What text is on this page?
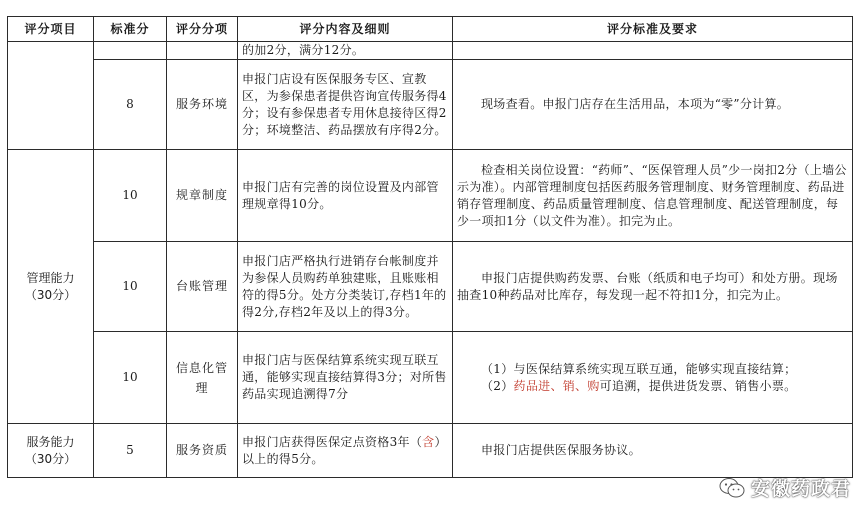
评分项目	标准分	评分分项	评分内容及细则	评分标准及要求
			的加2分，满分12分。	
	8	服务环境	申报门店设有医保服务专区、宣教区，为参保患者提供咨询宣传服务得4分；设有参保患者专用休息接待区得2分；环境整洁、药品摆放有序得2分。	现场查看。申报门店存在生活用品，本项为“零”分计算。

管理能力
（30分）	10	规章制度	申报门店有完善的岗位设置及内部管理规章得10分。	检查相关岗位设置：“药师”、“医保管理人员”少一岗扣2分（上墙公示为准）。内部管理制度包括医药服务管理制度、财务管理制度、药品进销存管理制度、药品质量管理制度、信息管理制度、配送管理制度，每少一项扣1分（以文件为准）。扣完为止。
	10	台账管理	申报门店严格执行进销存台帐制度并为参保人员购药单独建账，且账账相符的得5分。处方分类装订,存档1年的得2分,存档2年及以上的得3分。	申报门店提供购药发票、台账（纸质和电子均可）和处方册。现场抽查10种药品对比库存，每发现一起不符扣1分，扣完为止。
	10	信息化管理	申报门店与医保结算系统实现互联互通，能够实现直接结算得3分；对所售药品实现追溯得7分	（1）与医保结算系统实现互联互通，能够实现直接结算；
（2）药品进、销、购可追溯，提供进货发票、销售小票。

服务能力
（30分）	5	服务资质	申报门店获得医保定点资格3年（含）以上的得5分。	申报门店提供医保服务协议。
安徽药政君
